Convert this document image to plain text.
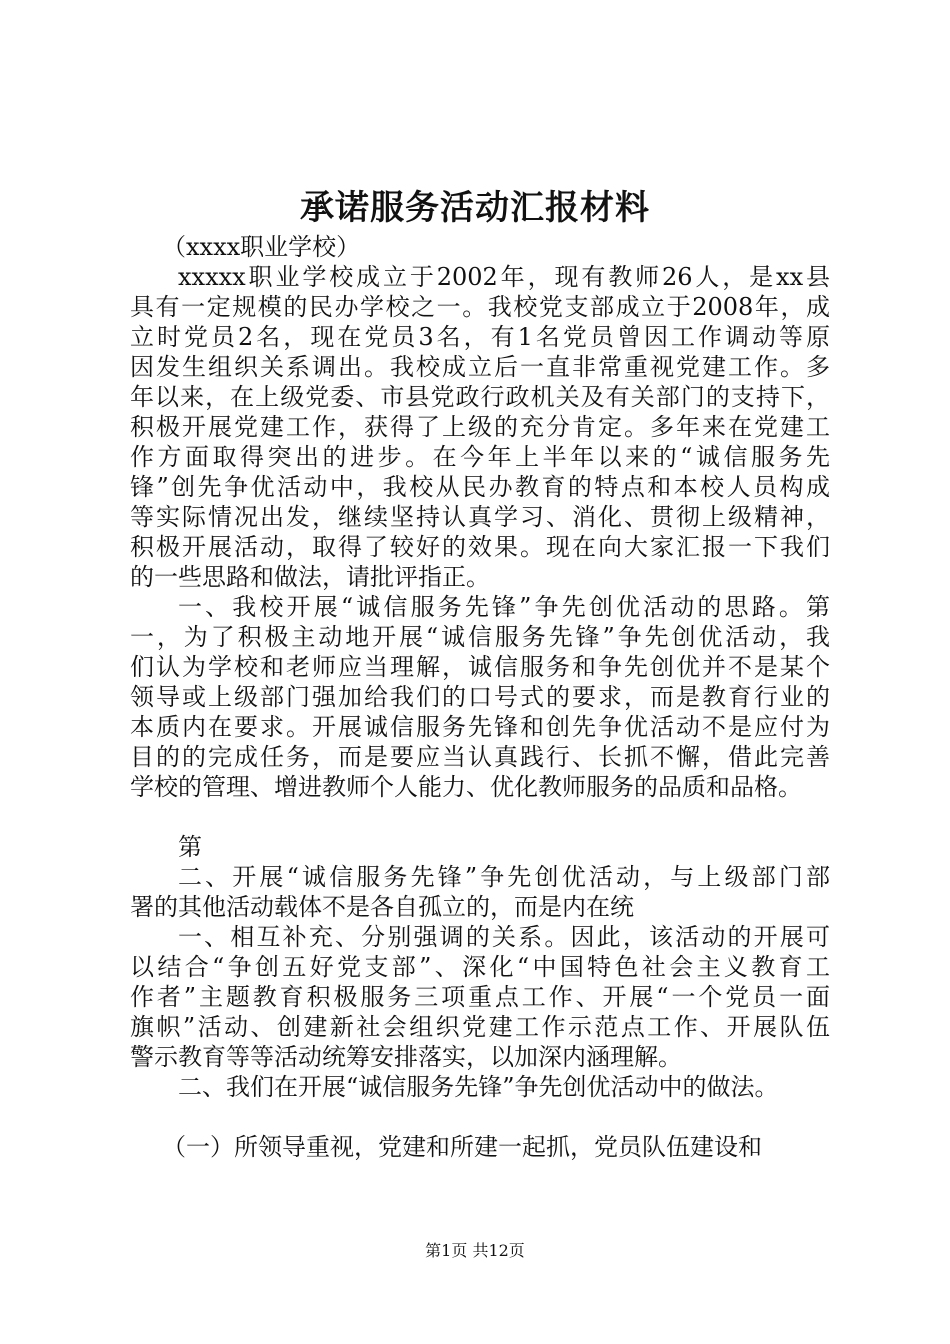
承诺服务活动汇报材料

（xxxx职业学校）

xxxxx职业学校成立于2002年，现有教师26人，是xx县

具有一定规模的民办学校之一。我校党支部成立于2008年，成

立时党员2名，现在党员3名，有1名党员曾因工作调动等原

因发生组织关系调出。我校成立后一直非常重视党建工作。多

年以来，在上级党委、市县党政行政机关及有关部门的支持下，

积极开展党建工作，获得了上级的充分肯定。多年来在党建工

作方面取得突出的进步。在今年上半年以来的“诚信服务先

锋”创先争优活动中，我校从民办教育的特点和本校人员构成

等实际情况出发，继续坚持认真学习、消化、贯彻上级精神，

积极开展活动，取得了较好的效果。现在向大家汇报一下我们

的一些思路和做法，请批评指正。

一、我校开展“诚信服务先锋”争先创优活动的思路。第

一，为了积极主动地开展“诚信服务先锋”争先创优活动，我

们认为学校和老师应当理解，诚信服务和争先创优并不是某个

领导或上级部门强加给我们的口号式的要求，而是教育行业的

本质内在要求。开展诚信服务先锋和创先争优活动不是应付为

目的的完成任务，而是要应当认真践行、长抓不懈，借此完善

学校的管理、增进教师个人能力、优化教师服务的品质和品格。

第

二、开展“诚信服务先锋”争先创优活动，与上级部门部

署的其他活动载体不是各自孤立的，而是内在统

一、相互补充、分别强调的关系。因此，该活动的开展可

以结合“争创五好党支部”、深化“中国特色社会主义教育工

作者”主题教育积极服务三项重点工作、开展“一个党员一面

旗帜”活动、创建新社会组织党建工作示范点工作、开展队伍

警示教育等等活动统筹安排落实，以加深内涵理解。

二、我们在开展“诚信服务先锋”争先创优活动中的做法。

（一）所领导重视，党建和所建一起抓，党员队伍建设和

第1页 共12页
